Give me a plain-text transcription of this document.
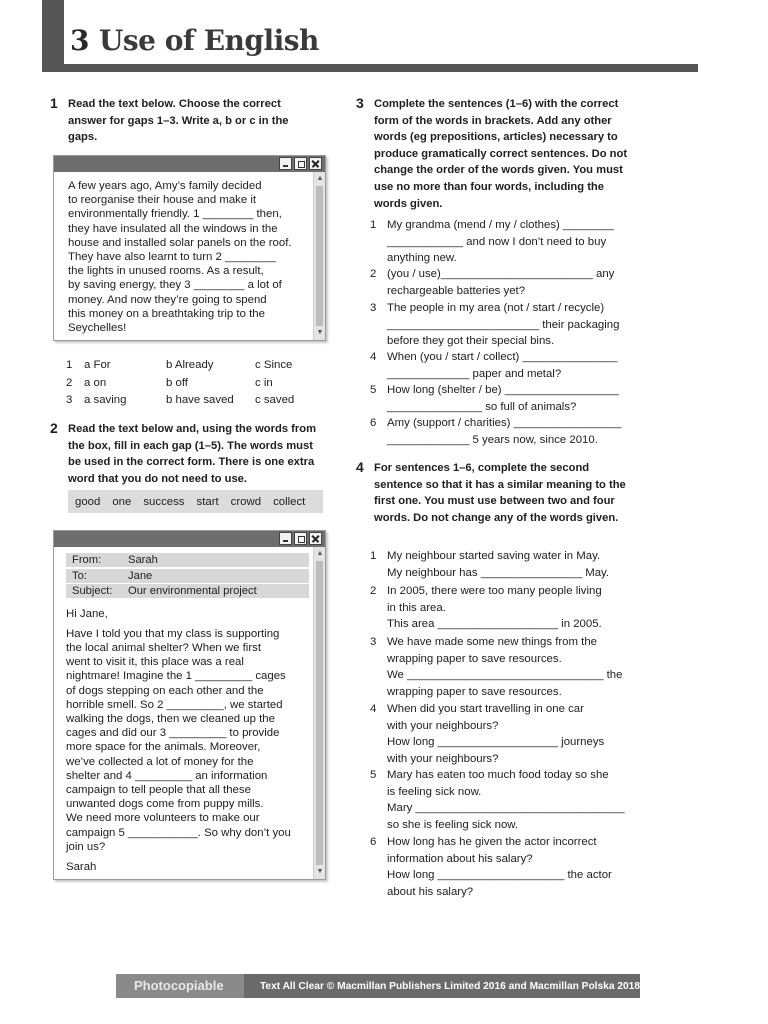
3 Use of English
1 Read the text below. Choose the correct answer for gaps 1–3. Write a, b or c in the gaps.
▲
▼
A few years ago, Amy’s family decided
to reorganise their house and make it
environmentally friendly. 1 ________ then,
they have insulated all the windows in the
house and installed solar panels on the roof.
They have also learnt to turn 2 ________
the lights in unused rooms. As a result,
by saving energy, they 3 ________ a lot of
money. And now they’re going to spend
this money on a breathtaking trip to the
Seychelles!
1 a For	b Already	c Since
2 a on	b off	c in
3 a saving	b have saved c saved
2 Read the text below and, using the words from the box, fill in each gap (1–5). The words must be used in the correct form. There is one extra word that you do not need to use.
good one success start crowd collect
▲
▼
From: Sarah
To:	Jane
Subject: Our environmental project
Hi Jane,
Have I told you that my class is supporting
the local animal shelter? When we first
went to visit it, this place was a real
nightmare! Imagine the 1 _________ cages
of dogs stepping on each other and the
horrible smell. So 2 _________, we started
walking the dogs, then we cleaned up the
cages and did our 3 _________ to provide
more space for the animals. Moreover,
we’ve collected a lot of money for the
shelter and 4 _________ an information
campaign to tell people that all these
unwanted dogs come from puppy mills.
We need more volunteers to make our
campaign 5 ___________. So why don’t you
join us?
Sarah
3 Complete the sentences (1–6) with the correct form of the words in brackets. Add any other words (eg prepositions, articles) necessary to produce gramatically correct sentences. Do not change the order of the words given. You must use no more than four words, including the words given.
1 My grandma (mend / my / clothes) ________
____________ and now I don’t need to buy
anything new.
2 (you / use)________________________ any
rechargeable batteries yet?
3 The people in my area (not / start / recycle)
________________________ their packaging
before they got their special bins.
4 When (you / start / collect) _______________
_____________ paper and metal?
5 How long (shelter / be) __________________
_______________ so full of animals?
6 Amy (support / charities) _________________
_____________ 5 years now, since 2010.
4 For sentences 1–6, complete the second sentence so that it has a similar meaning to the first one. You must use between two and four words. Do not change any of the words given.
1 My neighbour started saving water in May.
My neighbour has ________________ May.
2 In 2005, there were too many people living
in this area.
This area ___________________ in 2005.
3 We have made some new things from the
wrapping paper to save resources.
We _______________________________ the
wrapping paper to save resources.
4 When did you start travelling in one car
with your neighbours?
How long ___________________ journeys
with your neighbours?
5 Mary has eaten too much food today so she
is feeling sick now.
Mary _________________________________
so she is feeling sick now.
6 How long has he given the actor incorrect
information about his salary?
How long ____________________ the actor
about his salary?
Photocopiable	Text All Clear © Macmillan Publishers Limited 2016 and Macmillan Polska 2018
